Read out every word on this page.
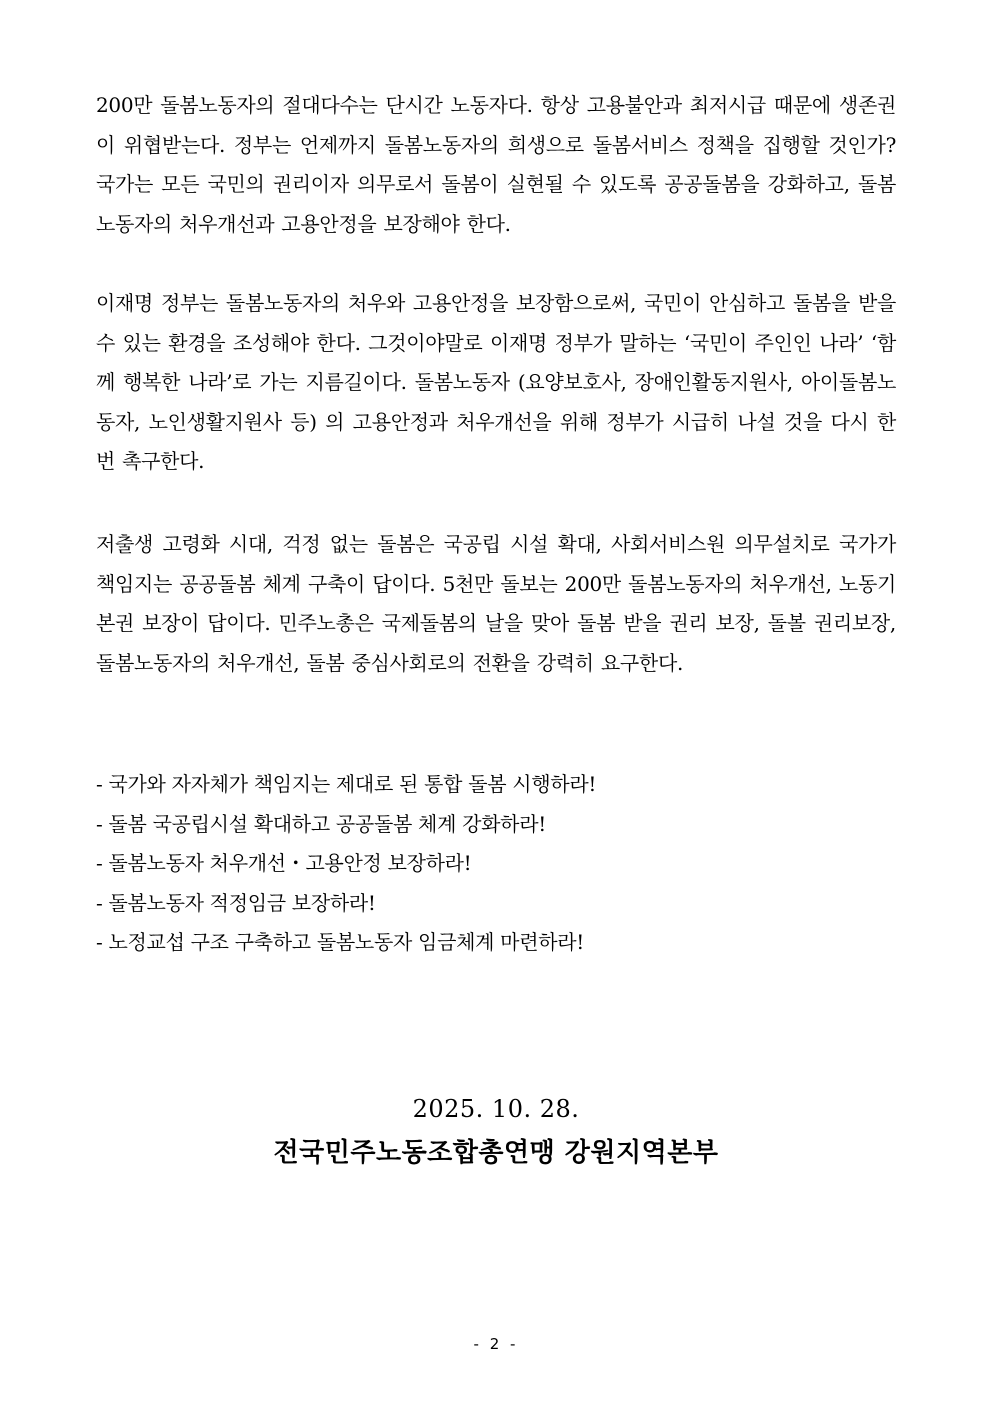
200만 돌봄노동자의 절대다수는 단시간 노동자다. 항상 고용불안과 최저시급 때문에 생존권이 위협받는다. 정부는 언제까지 돌봄노동자의 희생으로 돌봄서비스 정책을 집행할 것인가? 국가는 모든 국민의 권리이자 의무로서 돌봄이 실현될 수 있도록 공공돌봄을 강화하고, 돌봄노동자의 처우개선과 고용안정을 보장해야 한다.

이재명 정부는 돌봄노동자의 처우와 고용안정을 보장함으로써, 국민이 안심하고 돌봄을 받을 수 있는 환경을 조성해야 한다. 그것이야말로 이재명 정부가 말하는 ‘국민이 주인인 나라’ ‘함께 행복한 나라’로 가는 지름길이다. 돌봄노동자 (요양보호사, 장애인활동지원사, 아이돌봄노동자, 노인생활지원사 등) 의 고용안정과 처우개선을 위해 정부가 시급히 나설 것을 다시 한 번 촉구한다.

저출생 고령화 시대, 걱정 없는 돌봄은 국공립 시설 확대, 사회서비스원 의무설치로 국가가 책임지는 공공돌봄 체계 구축이 답이다. 5천만 돌보는 200만 돌봄노동자의 처우개선, 노동기본권 보장이 답이다. 민주노총은 국제돌봄의 날을 맞아 돌봄 받을 권리 보장, 돌볼 권리보장, 돌봄노동자의 처우개선, 돌봄 중심사회로의 전환을 강력히 요구한다.

- 국가와 자자체가 책임지는 제대로 된 통합 돌봄 시행하라!
- 돌봄 국공립시설 확대하고 공공돌봄 체계 강화하라!
- 돌봄노동자 처우개선・고용안정 보장하라!
- 돌봄노동자 적정임금 보장하라!
- 노정교섭 구조 구축하고 돌봄노동자 임금체계 마련하라!
2025. 10. 28.
전국민주노동조합총연맹 강원지역본부
- 2 -
